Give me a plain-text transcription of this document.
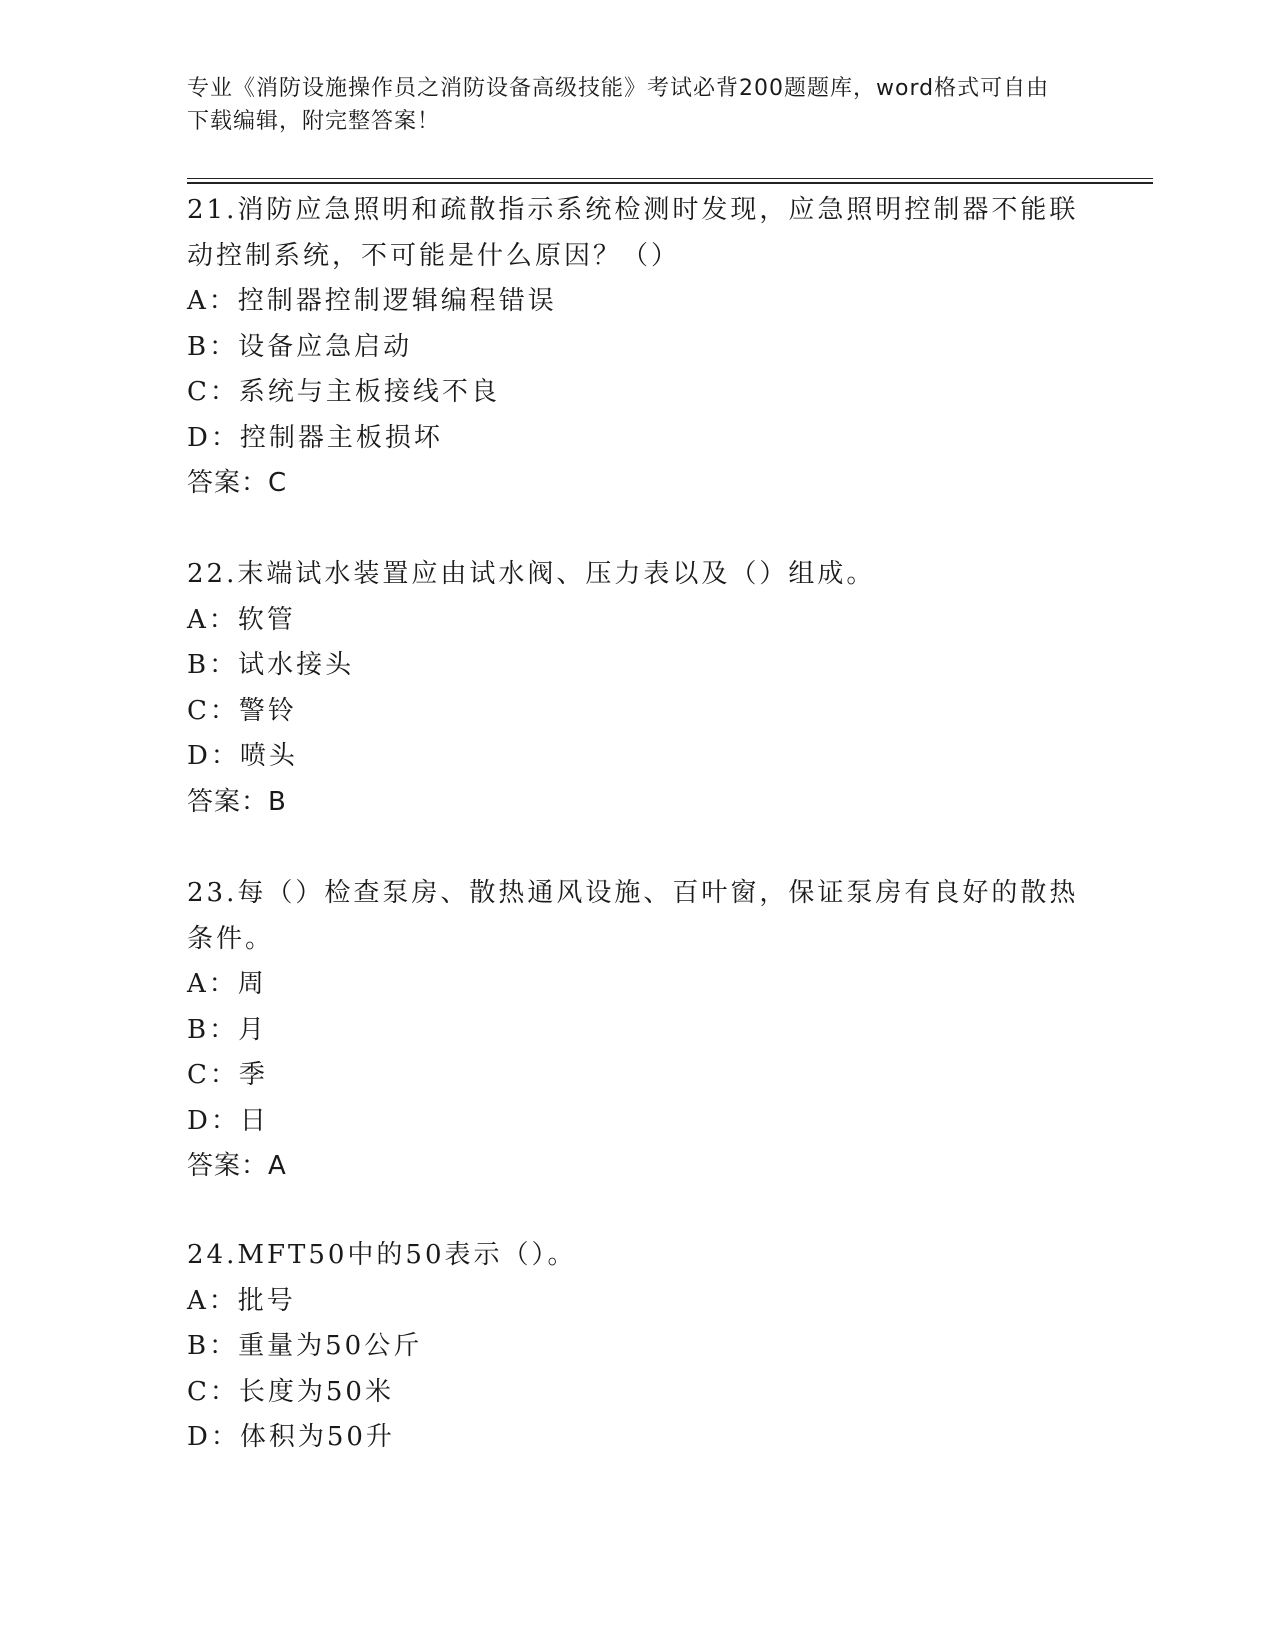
专业《消防设施操作员之消防设备高级技能》考试必背200题题库，word格式可自由下载编辑，附完整答案！
21.消防应急照明和疏散指示系统检测时发现，应急照明控制器不能联动控制系统，不可能是什么原因？（）
A：控制器控制逻辑编程错误
B：设备应急启动
C：系统与主板接线不良
D：控制器主板损坏
答案：C
22.末端试水装置应由试水阀、压力表以及（）组成。
A：软管
B：试水接头
C：警铃
D：喷头
答案：B
23.每（）检查泵房、散热通风设施、百叶窗，保证泵房有良好的散热条件。
A：周
B：月
C：季
D：日
答案：A
24.MFT50中的50表示（）。
A：批号
B：重量为50公斤
C：长度为50米
D：体积为50升
